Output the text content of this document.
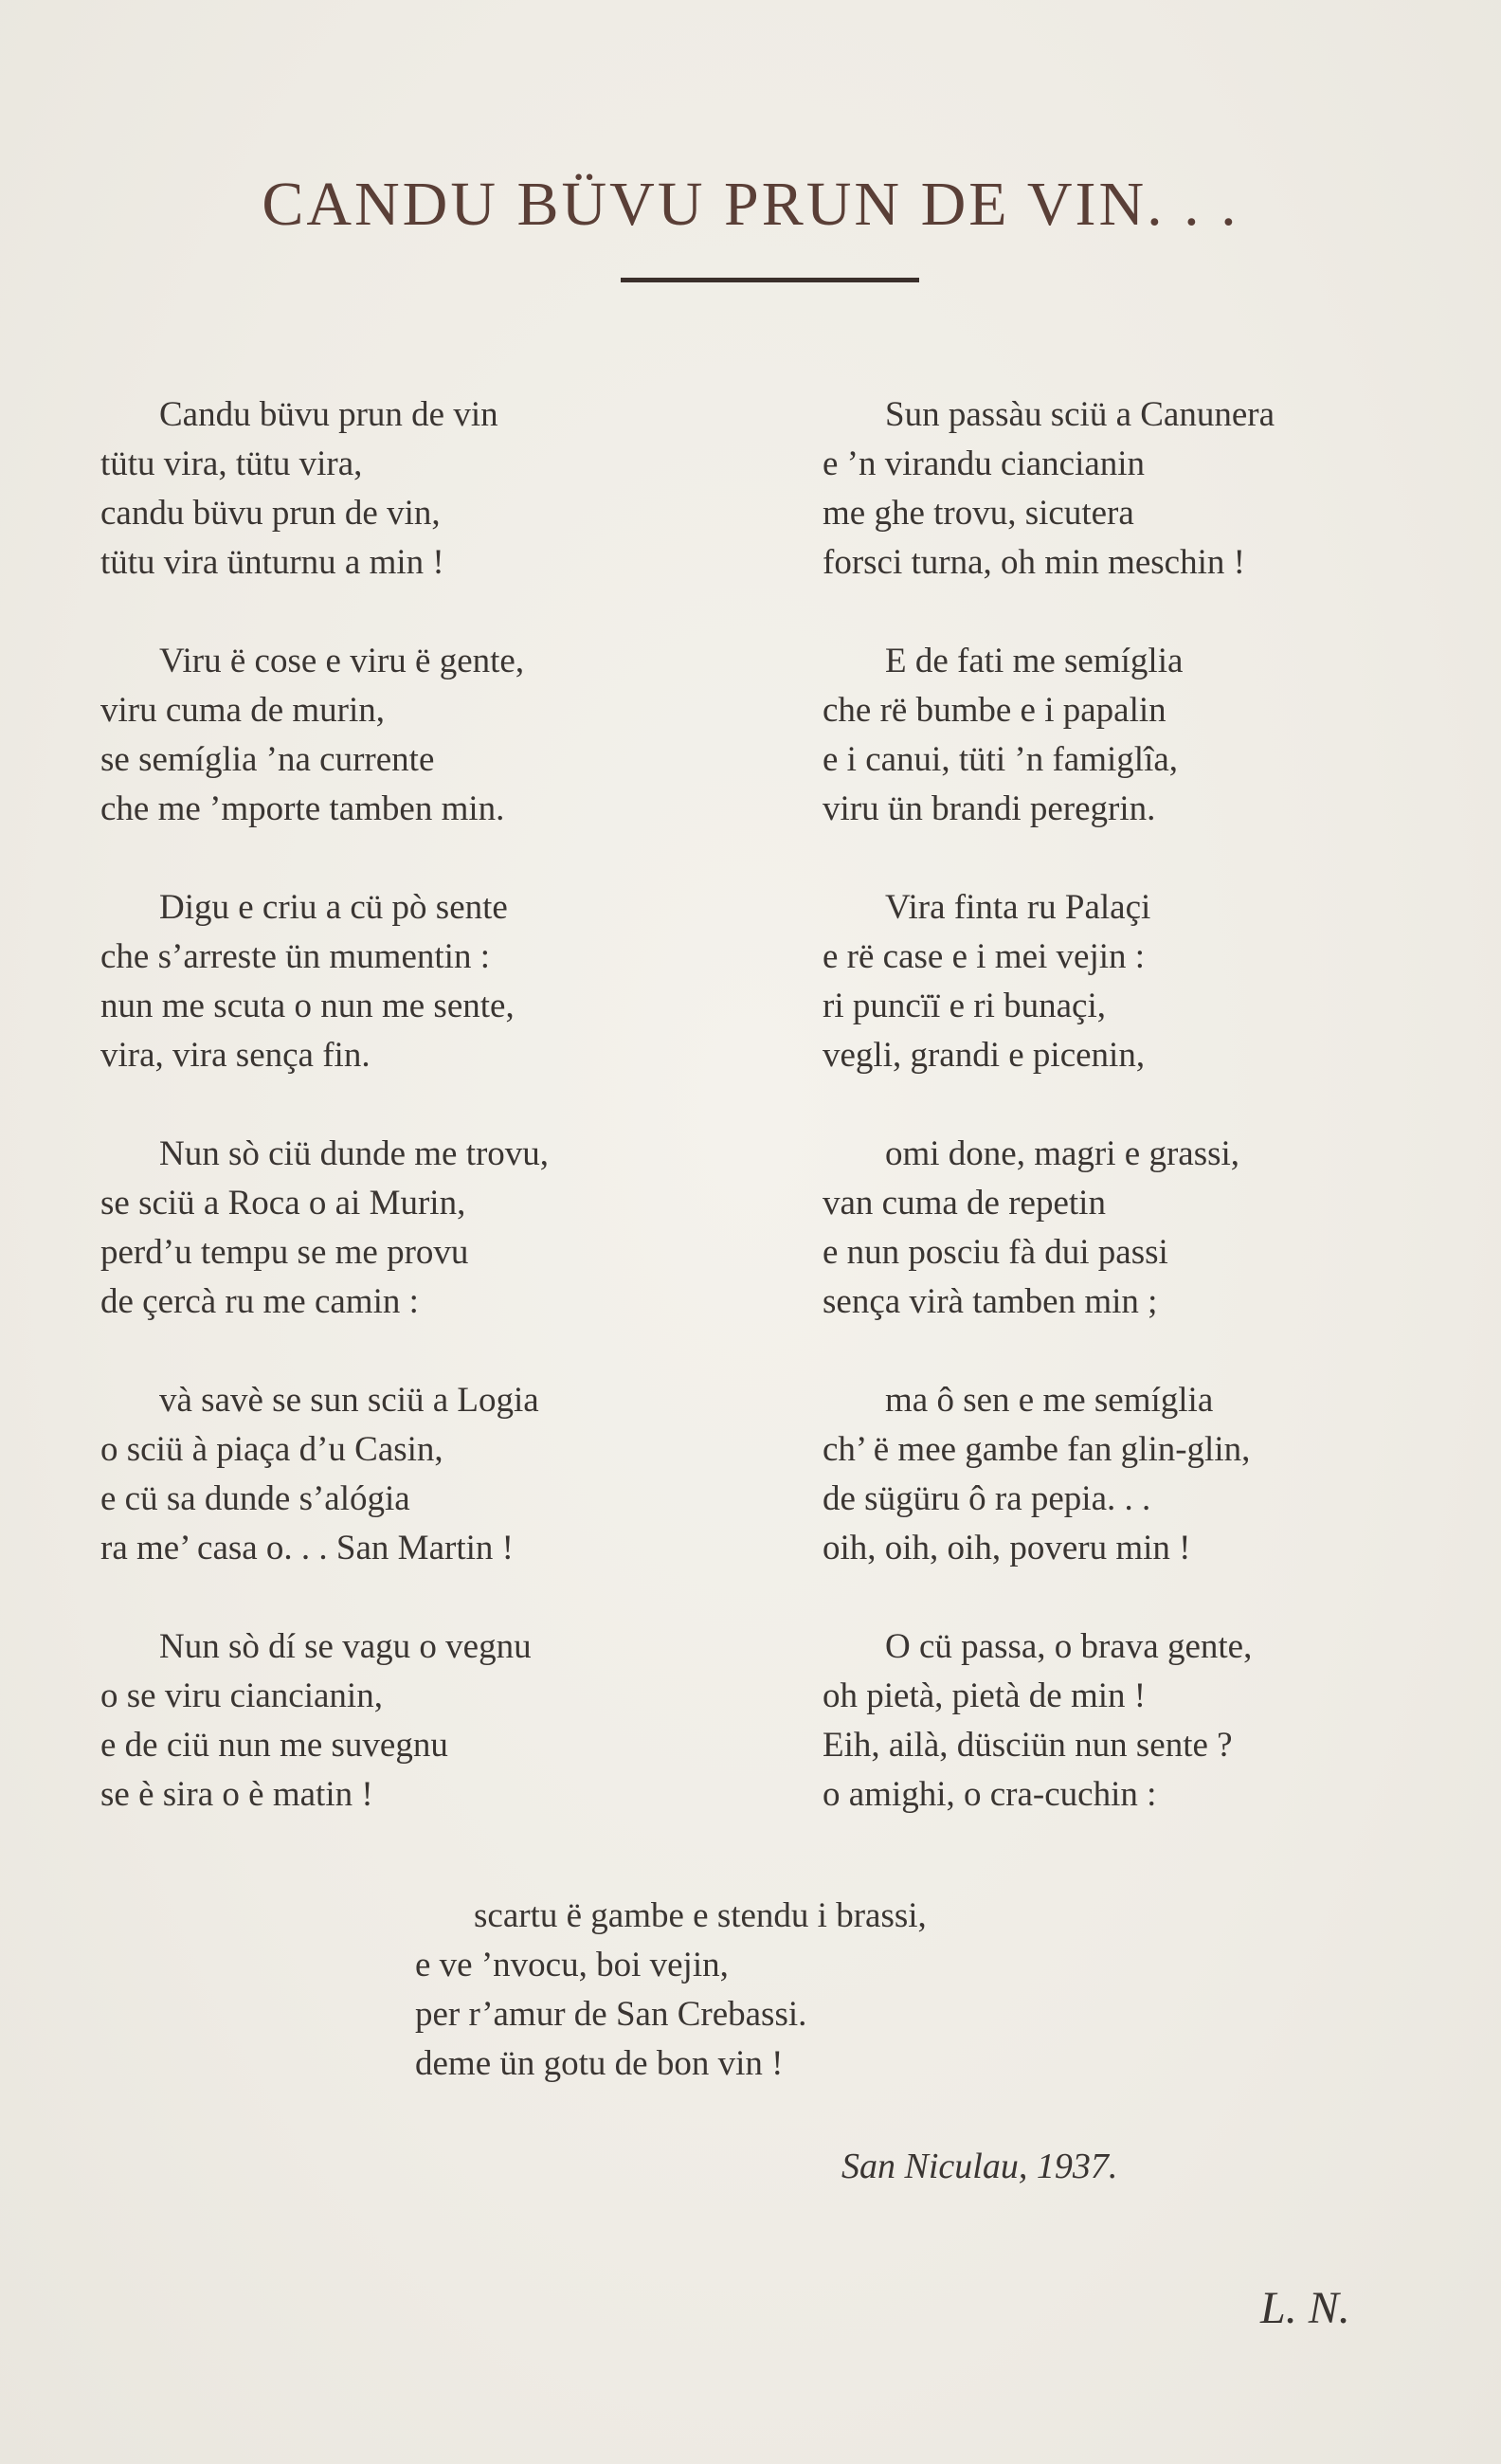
CANDU BÜVU PRUN DE VIN. . .
Candu büvu prun de vin
tütu vira, tütu vira,
candu büvu prun de vin,
tütu vira ünturnu a min !
Viru ë cose e viru ë gente,
viru cuma de murin,
se semíglia ’na currente
che me ’mporte tamben min.
Digu e criu a cü pò sente
che s’arreste ün mumentin :
nun me scuta o nun me sente,
vira, vira sença fin.
Nun sò ciü dunde me trovu,
se sciü a Roca o ai Murin,
perd’u tempu se me provu
de çercà ru me camin :
và savè se sun sciü a Logia
o sciü à piaça d’u Casin,
e cü sa dunde s’alógia
ra me’ casa o. . . San Martin !
Nun sò dí se vagu o vegnu
o se viru ciancianin,
e de ciü nun me suvegnu
se è sira o è matin !
Sun passàu sciü a Canunera
e ’n virandu ciancianin
me ghe trovu, sicutera
forsci turna, oh min meschin !
E de fati me semíglia
che rë bumbe e i papalin
e i canui, tüti ’n famiglîa,
viru ün brandi peregrin.
Vira finta ru Palaçi
e rë case e i mei vejin :
ri puncïï e ri bunaçi,
vegli, grandi e picenin,
omi done, magri e grassi,
van cuma de repetin
e nun posciu fà dui passi
sença virà tamben min ;
ma ô sen e me semíglia
ch’ ë mee gambe fan glin-glin,
de sügüru ô ra pepia. . .
oih, oih, oih, poveru min !
O cü passa, o brava gente,
oh pietà, pietà de min !
Eih, ailà, düsciün nun sente ?
o amighi, o cra-cuchin :
scartu ë gambe e stendu i brassi,
e ve ’nvocu, boi vejin,
per r’amur de San Crebassi.
deme ün gotu de bon vin !
San Niculau, 1937.
L. N.
